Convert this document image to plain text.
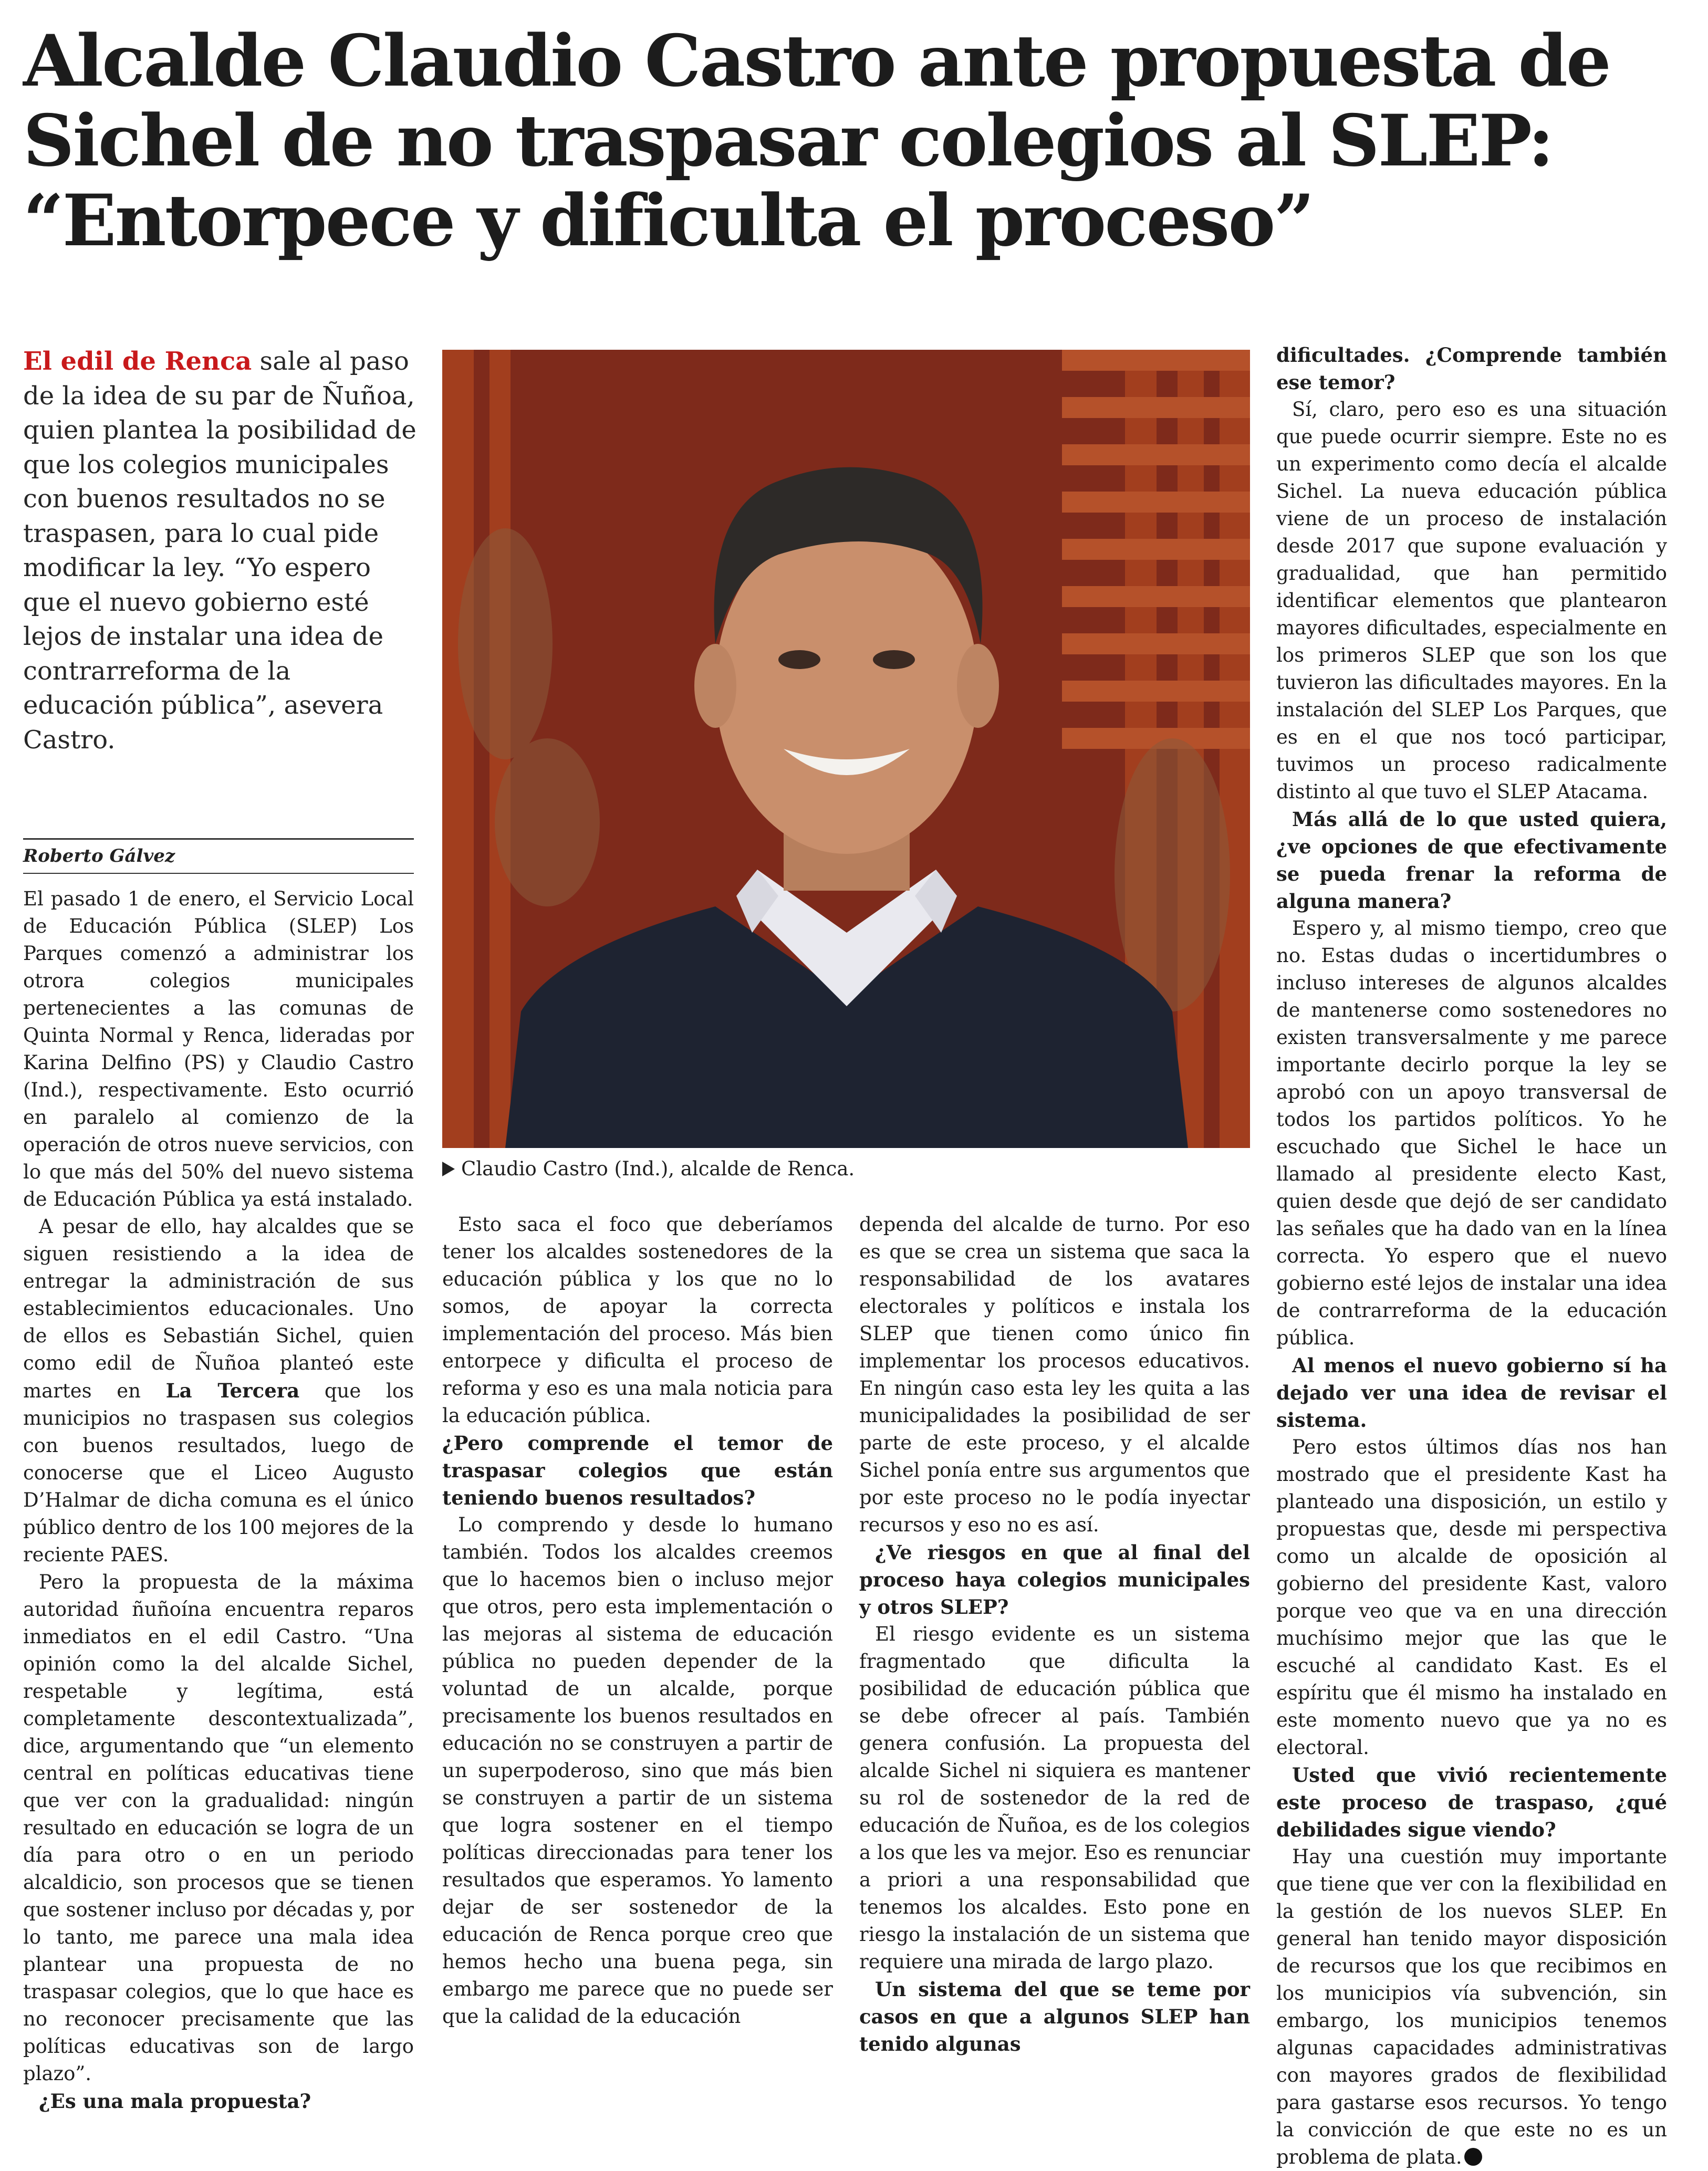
Alcalde Claudio Castro ante propuesta de
Sichel de no traspasar colegios al SLEP:
“Entorpece y dificulta el proceso”
El edil de Renca sale al paso de la idea de su par de Ñuñoa, quien plantea la posibilidad de que los colegios municipales con buenos resultados no se traspasen, para lo cual pide modificar la ley. “Yo espero que el nuevo gobierno esté lejos de instalar una idea de contrarreforma de la educación pública”, asevera Castro.
Roberto Gálvez

El pasado 1 de enero, el Servicio Local de Educación Pública (SLEP) Los Parques comenzó a administrar los otrora colegios municipales pertenecientes a las comunas de Quinta Normal y Renca, lideradas por Karina Delfino (PS) y Claudio Castro (Ind.), respectivamente. Esto ocurrió en paralelo al comienzo de la operación de otros nueve servicios, con lo que más del 50% del nuevo sistema de Educación Pública ya está instalado.

A pesar de ello, hay alcaldes que se siguen resistiendo a la idea de entregar la administración de sus establecimientos educacionales. Uno de ellos es Sebastián Sichel, quien como edil de Ñuñoa planteó este martes en La Tercera que los municipios no traspasen sus colegios con buenos resultados, luego de conocerse que el Liceo Augusto D’Halmar de dicha comuna es el único público dentro de los 100 mejores de la reciente PAES.

Pero la propuesta de la máxima autoridad ñuñoína encuentra reparos inmediatos en el edil Castro. “Una opinión como la del alcalde Sichel, respetable y legítima, está completamente descontextualizada”, dice, argumentando que “un elemento central en políticas educativas tiene que ver con la gradualidad: ningún resultado en educación se logra de un día para otro o en un periodo alcaldicio, son procesos que se tienen que sostener incluso por décadas y, por lo tanto, me parece una mala idea plantear una propuesta de no traspasar colegios, que lo que hace es no reconocer precisamente que las políticas educativas son de largo plazo”.

¿Es una mala propuesta?

Claudio Castro (Ind.), alcalde de Renca.

Esto saca el foco que deberíamos tener los alcaldes sostenedores de la educación pública y los que no lo somos, de apoyar la correcta implementación del proceso. Más bien entorpece y dificulta el proceso de reforma y eso es una mala noticia para la educación pública.

¿Pero comprende el temor de traspasar colegios que están teniendo buenos resultados?

Lo comprendo y desde lo humano también. Todos los alcaldes creemos que lo hacemos bien o incluso mejor que otros, pero esta implementación o las mejoras al sistema de educación pública no pueden depender de la voluntad de un alcalde, porque precisamente los buenos resultados en educación no se construyen a partir de un superpoderoso, sino que más bien se construyen a partir de un sistema que logra sostener en el tiempo políticas direccionadas para tener los resultados que esperamos. Yo lamento dejar de ser sostenedor de la educación de Renca porque creo que hemos hecho una buena pega, sin embargo me parece que no puede ser que la calidad de la educación

dependa del alcalde de turno. Por eso es que se crea un sistema que saca la responsabilidad de los avatares electorales y políticos e instala los SLEP que tienen como único fin implementar los procesos educativos. En ningún caso esta ley les quita a las municipalidades la posibilidad de ser parte de este proceso, y el alcalde Sichel ponía entre sus argumentos que por este proceso no le podía inyectar recursos y eso no es así.

¿Ve riesgos en que al final del proceso haya colegios municipales y otros SLEP?

El riesgo evidente es un sistema fragmentado que dificulta la posibilidad de educación pública que se debe ofrecer al país. También genera confusión. La propuesta del alcalde Sichel ni siquiera es mantener su rol de sostenedor de la red de educación de Ñuñoa, es de los colegios a los que les va mejor. Eso es renunciar a priori a una responsabilidad que tenemos los alcaldes. Esto pone en riesgo la instalación de un sistema que requiere una mirada de largo plazo.

Un sistema del que se teme por casos en que a algunos SLEP han tenido algunas

dificultades. ¿Comprende también ese temor?

Sí, claro, pero eso es una situación que puede ocurrir siempre. Este no es un experimento como decía el alcalde Sichel. La nueva educación pública viene de un proceso de instalación desde 2017 que supone evaluación y gradualidad, que han permitido identificar elementos que plantearon mayores dificultades, especialmente en los primeros SLEP que son los que tuvieron las dificultades mayores. En la instalación del SLEP Los Parques, que es en el que nos tocó participar, tuvimos un proceso radicalmente distinto al que tuvo el SLEP Atacama.

Más allá de lo que usted quiera, ¿ve opciones de que efectivamente se pueda frenar la reforma de alguna manera?

Espero y, al mismo tiempo, creo que no. Estas dudas o incertidumbres o incluso intereses de algunos alcaldes de mantenerse como sostenedores no existen transversalmente y me parece importante decirlo porque la ley se aprobó con un apoyo transversal de todos los partidos políticos. Yo he escuchado que Sichel le hace un llamado al presidente electo Kast, quien desde que dejó de ser candidato las señales que ha dado van en la línea correcta. Yo espero que el nuevo gobierno esté lejos de instalar una idea de contrarreforma de la educación pública.

Al menos el nuevo gobierno sí ha dejado ver una idea de revisar el sistema.

Pero estos últimos días nos han mostrado que el presidente Kast ha planteado una disposición, un estilo y propuestas que, desde mi perspectiva como un alcalde de oposición al gobierno del presidente Kast, valoro porque veo que va en una dirección muchísimo mejor que las que le escuché al candidato Kast. Es el espíritu que él mismo ha instalado en este momento nuevo que ya no es electoral.

Usted que vivió recientemente este proceso de traspaso, ¿qué debilidades sigue viendo?

Hay una cuestión muy importante que tiene que ver con la flexibilidad en la gestión de los nuevos SLEP. En general han tenido mayor disposición de recursos que los que recibimos en los municipios vía subvención, sin embargo, los municipios tenemos algunas capacidades administrativas con mayores grados de flexibilidad para gastarse esos recursos. Yo tengo la convicción de que este no es un problema de plata.
